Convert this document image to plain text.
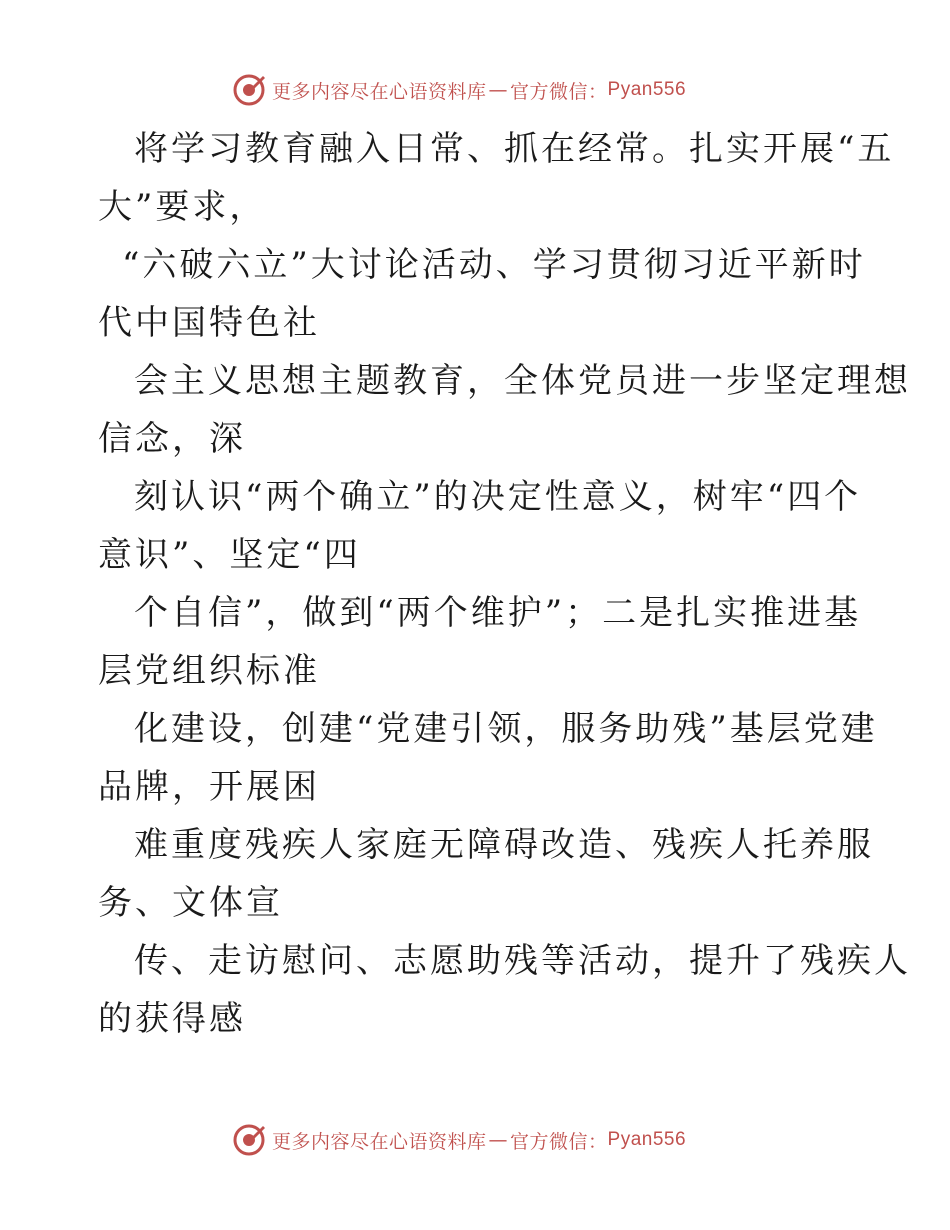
更多内容尽在心语资料库 — 官方微信： Pyan556
将学习教育融入日常、抓在经常。扎实开展“五
大”要求，
“六破六立”大讨论活动、学习贯彻习近平新时
代中国特色社
会主义思想主题教育，全体党员进一步坚定理想
信念，深
刻认识“两个确立”的决定性意义，树牢“四个
意识”、坚定“四
个自信”，做到“两个维护”；二是扎实推进基
层党组织标准
化建设，创建“党建引领，服务助残”基层党建
品牌，开展困
难重度残疾人家庭无障碍改造、残疾人托养服
务、文体宣
传、走访慰问、志愿助残等活动，提升了残疾人
的获得感
更多内容尽在心语资料库 — 官方微信： Pyan556
